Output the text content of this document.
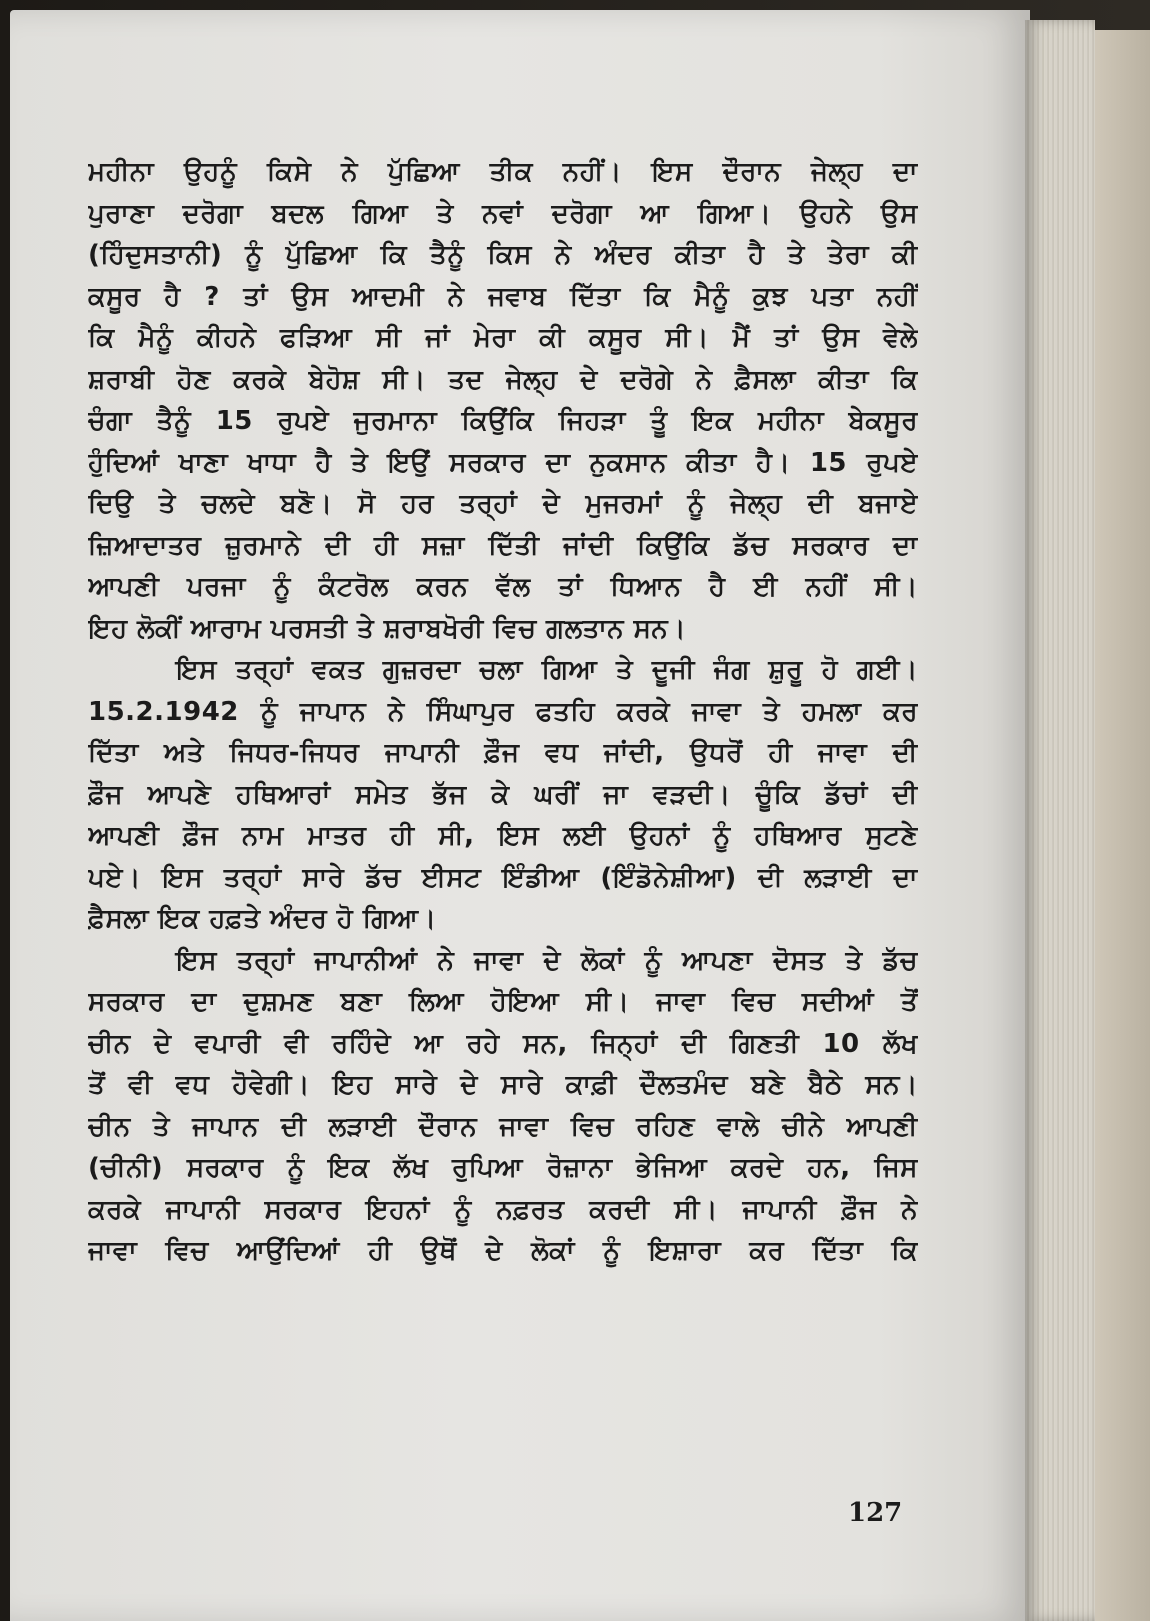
ਮਹੀਨਾ ਉਹਨੂੰ ਕਿਸੇ ਨੇ ਪੁੱਛਿਆ ਤੀਕ ਨਹੀਂ। ਇਸ ਦੌਰਾਨ ਜੇਲ੍ਹ ਦਾ
ਪੁਰਾਣਾ ਦਰੋਗਾ ਬਦਲ ਗਿਆ ਤੇ ਨਵਾਂ ਦਰੋਗਾ ਆ ਗਿਆ। ਉਹਨੇ ਉਸ
(ਹਿੰਦੁਸਤਾਨੀ) ਨੂੰ ਪੁੱਛਿਆ ਕਿ ਤੈਨੂੰ ਕਿਸ ਨੇ ਅੰਦਰ ਕੀਤਾ ਹੈ ਤੇ ਤੇਰਾ ਕੀ
ਕਸੂਰ ਹੈ ? ਤਾਂ ਉਸ ਆਦਮੀ ਨੇ ਜਵਾਬ ਦਿੱਤਾ ਕਿ ਮੈਨੂੰ ਕੁਝ ਪਤਾ ਨਹੀਂ
ਕਿ ਮੈਨੂੰ ਕੀਹਨੇ ਫੜਿਆ ਸੀ ਜਾਂ ਮੇਰਾ ਕੀ ਕਸੂਰ ਸੀ। ਮੈਂ ਤਾਂ ਉਸ ਵੇਲੇ
ਸ਼ਰਾਬੀ ਹੋਣ ਕਰਕੇ ਬੇਹੋਸ਼ ਸੀ। ਤਦ ਜੇਲ੍ਹ ਦੇ ਦਰੋਗੇ ਨੇ ਫ਼ੈਸਲਾ ਕੀਤਾ ਕਿ
ਚੰਗਾ ਤੈਨੂੰ 15 ਰੁਪਏ ਜੁਰਮਾਨਾ ਕਿਉਂਕਿ ਜਿਹੜਾ ਤੂੰ ਇਕ ਮਹੀਨਾ ਬੇਕਸੂਰ
ਹੁੰਦਿਆਂ ਖਾਣਾ ਖਾਧਾ ਹੈ ਤੇ ਇਉਂ ਸਰਕਾਰ ਦਾ ਨੁਕਸਾਨ ਕੀਤਾ ਹੈ। 15 ਰੁਪਏ
ਦਿਉ ਤੇ ਚਲਦੇ ਬਣੋ। ਸੋ ਹਰ ਤਰ੍ਹਾਂ ਦੇ ਮੁਜਰਮਾਂ ਨੂੰ ਜੇਲ੍ਹ ਦੀ ਬਜਾਏ
ਜ਼ਿਆਦਾਤਰ ਜ਼ੁਰਮਾਨੇ ਦੀ ਹੀ ਸਜ਼ਾ ਦਿੱਤੀ ਜਾਂਦੀ ਕਿਉਂਕਿ ਡੱਚ ਸਰਕਾਰ ਦਾ
ਆਪਣੀ ਪਰਜਾ ਨੂੰ ਕੰਟਰੋਲ ਕਰਨ ਵੱਲ ਤਾਂ ਧਿਆਨ ਹੈ ਈ ਨਹੀਂ ਸੀ।
ਇਹ ਲੋਕੀਂ ਆਰਾਮ ਪਰਸਤੀ ਤੇ ਸ਼ਰਾਬਖੋਰੀ ਵਿਚ ਗਲਤਾਨ ਸਨ।
ਇਸ ਤਰ੍ਹਾਂ ਵਕਤ ਗੁਜ਼ਰਦਾ ਚਲਾ ਗਿਆ ਤੇ ਦੂਜੀ ਜੰਗ ਸ਼ੁਰੂ ਹੋ ਗਈ।
15.2.1942 ਨੂੰ ਜਾਪਾਨ ਨੇ ਸਿੰਘਾਪੁਰ ਫਤਹਿ ਕਰਕੇ ਜਾਵਾ ਤੇ ਹਮਲਾ ਕਰ
ਦਿੱਤਾ ਅਤੇ ਜਿਧਰ-ਜਿਧਰ ਜਾਪਾਨੀ ਫ਼ੌਜ ਵਧ ਜਾਂਦੀ, ਉਧਰੋਂ ਹੀ ਜਾਵਾ ਦੀ
ਫ਼ੌਜ ਆਪਣੇ ਹਥਿਆਰਾਂ ਸਮੇਤ ਭੱਜ ਕੇ ਘਰੀਂ ਜਾ ਵੜਦੀ। ਚੂੰਕਿ ਡੱਚਾਂ ਦੀ
ਆਪਣੀ ਫ਼ੌਜ ਨਾਮ ਮਾਤਰ ਹੀ ਸੀ, ਇਸ ਲਈ ਉਹਨਾਂ ਨੂੰ ਹਥਿਆਰ ਸੁਟਣੇ
ਪਏ। ਇਸ ਤਰ੍ਹਾਂ ਸਾਰੇ ਡੱਚ ਈਸਟ ਇੰਡੀਆ (ਇੰਡੋਨੇਸ਼ੀਆ) ਦੀ ਲੜਾਈ ਦਾ
ਫ਼ੈਸਲਾ ਇਕ ਹਫ਼ਤੇ ਅੰਦਰ ਹੋ ਗਿਆ।
ਇਸ ਤਰ੍ਹਾਂ ਜਾਪਾਨੀਆਂ ਨੇ ਜਾਵਾ ਦੇ ਲੋਕਾਂ ਨੂੰ ਆਪਣਾ ਦੋਸਤ ਤੇ ਡੱਚ
ਸਰਕਾਰ ਦਾ ਦੁਸ਼ਮਣ ਬਣਾ ਲਿਆ ਹੋਇਆ ਸੀ। ਜਾਵਾ ਵਿਚ ਸਦੀਆਂ ਤੋਂ
ਚੀਨ ਦੇ ਵਪਾਰੀ ਵੀ ਰਹਿੰਦੇ ਆ ਰਹੇ ਸਨ, ਜਿਨ੍ਹਾਂ ਦੀ ਗਿਣਤੀ 10 ਲੱਖ
ਤੋਂ ਵੀ ਵਧ ਹੋਵੇਗੀ। ਇਹ ਸਾਰੇ ਦੇ ਸਾਰੇ ਕਾਫ਼ੀ ਦੌਲਤਮੰਦ ਬਣੇ ਬੈਠੇ ਸਨ।
ਚੀਨ ਤੇ ਜਾਪਾਨ ਦੀ ਲੜਾਈ ਦੌਰਾਨ ਜਾਵਾ ਵਿਚ ਰਹਿਣ ਵਾਲੇ ਚੀਨੇ ਆਪਣੀ
(ਚੀਨੀ) ਸਰਕਾਰ ਨੂੰ ਇਕ ਲੱਖ ਰੁਪਿਆ ਰੋਜ਼ਾਨਾ ਭੇਜਿਆ ਕਰਦੇ ਹਨ, ਜਿਸ
ਕਰਕੇ ਜਾਪਾਨੀ ਸਰਕਾਰ ਇਹਨਾਂ ਨੂੰ ਨਫ਼ਰਤ ਕਰਦੀ ਸੀ। ਜਾਪਾਨੀ ਫ਼ੌਜ ਨੇ
ਜਾਵਾ ਵਿਚ ਆਉਂਦਿਆਂ ਹੀ ਉਥੋਂ ਦੇ ਲੋਕਾਂ ਨੂੰ ਇਸ਼ਾਰਾ ਕਰ ਦਿੱਤਾ ਕਿ
127
